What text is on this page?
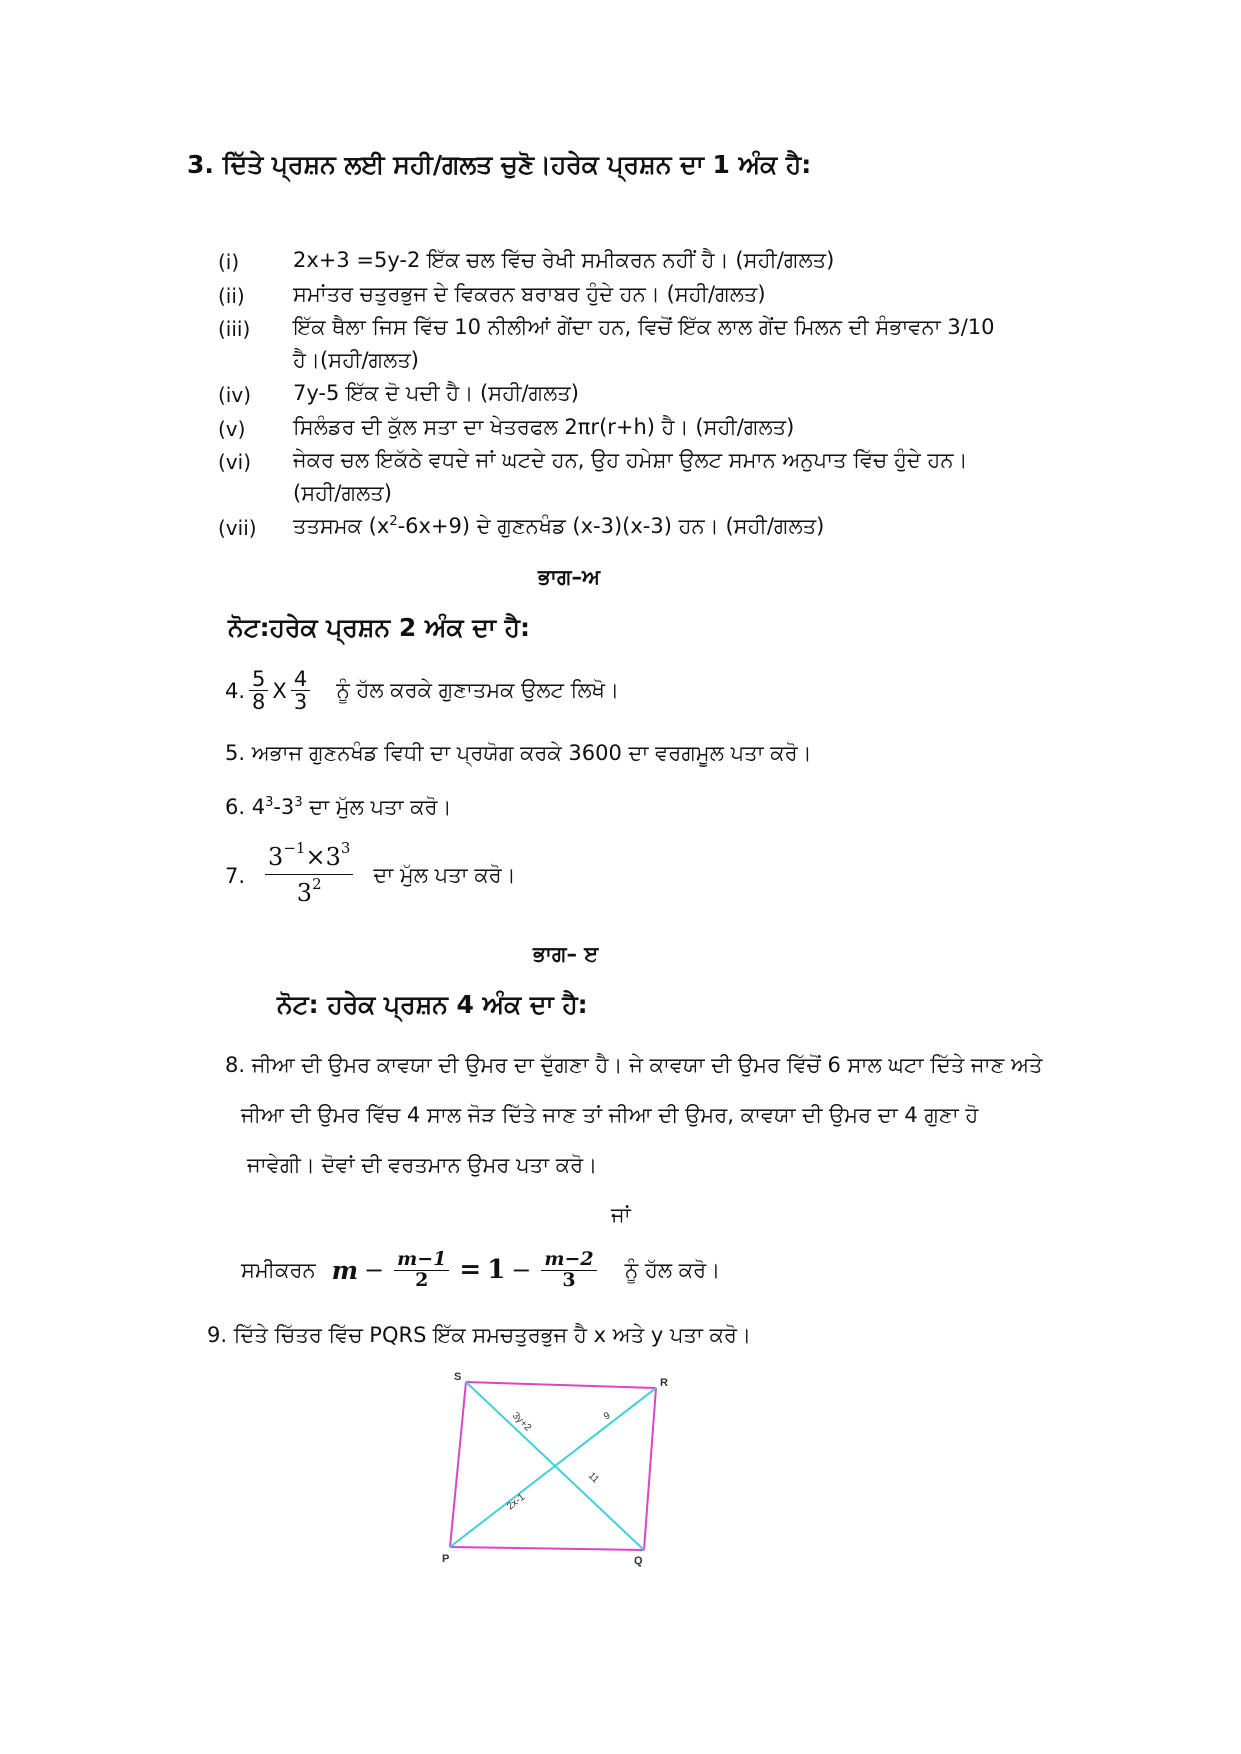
3. ਦਿੱਤੇ ਪ੍ਰਸ਼ਨ ਲਈ ਸਹੀ/ਗਲਤ ਚੁਣੋ।ਹਰੇਕ ਪ੍ਰਸ਼ਨ ਦਾ 1 ਅੰਕ ਹੈ:
(i)	2x+3 =5y-2 ਇੱਕ ਚਲ ਵਿੱਚ ਰੇਖੀ ਸਮੀਕਰਨ ਨਹੀਂ ਹੈ। (ਸਹੀ/ਗਲਤ)
(ii) ਸਮਾਂਤਰ ਚਤੁਰਭੁਜ ਦੇ ਵਿਕਰਨ ਬਰਾਬਰ ਹੁੰਦੇ ਹਨ। (ਸਹੀ/ਗਲਤ)
(iii) ਇੱਕ ਥੈਲਾ ਜਿਸ ਵਿੱਚ 10 ਨੀਲੀਆਂ ਗੇਂਦਾ ਹਨ, ਵਿਚੋਂ ਇੱਕ ਲਾਲ ਗੇਂਦ ਮਿਲਨ ਦੀ ਸੰਭਾਵਨਾ 3/10
ਹੈ।(ਸਹੀ/ਗਲਤ)
(iv) 7y-5 ਇੱਕ ਦੋ ਪਦੀ ਹੈ। (ਸਹੀ/ਗਲਤ)
(v) ਸਿਲੰਡਰ ਦੀ ਕੁੱਲ ਸਤਾ ਦਾ ਖੇਤਰਫਲ 2πr(r+h) ਹੈ। (ਸਹੀ/ਗਲਤ)
(vi) ਜੇਕਰ ਚਲ ਇਕੱਠੇ ਵਧਦੇ ਜਾਂ ਘਟਦੇ ਹਨ, ਉਹ ਹਮੇਸ਼ਾ ਉਲਟ ਸਮਾਨ ਅਨੁਪਾਤ ਵਿੱਚ ਹੁੰਦੇ ਹਨ।
(ਸਹੀ/ਗਲਤ)
(vii) ਤਤਸਮਕ $(x^2-6x+9)$ ਦੇ ਗੁਣਨਖੰਡ (x-3)(x-3) ਹਨ। (ਸਹੀ/ਗਲਤ)
ਭਾਗ–ਅ
ਨੋਟ:ਹਰੇਕ ਪ੍ਰਸ਼ਨ 2 ਅੰਕ ਦਾ ਹੈ:
4. $\frac{5}{8}$ X $\frac{4}{3}$ ਨੂੰ ਹੱਲ ਕਰਕੇ ਗੁਣਾਤਮਕ ਉਲਟ ਲਿਖੋ।
5. ਅਭਾਜ ਗੁਣਨਖੰਡ ਵਿਧੀ ਦਾ ਪ੍ਰਯੋਗ ਕਰਕੇ 3600 ਦਾ ਵਰਗਮੂਲ ਪਤਾ ਕਰੋ।
6. $4^3-3^3$ ਦਾ ਮੁੱਲ ਪਤਾ ਕਰੋ।
7. $\frac{3^{-1}\times 3^3}{3^2}$ ਦਾ ਮੁੱਲ ਪਤਾ ਕਰੋ।
ਭਾਗ– ੲ
ਨੋਟ: ਹਰੇਕ ਪ੍ਰਸ਼ਨ 4 ਅੰਕ ਦਾ ਹੈ:
8. ਜੀਆ ਦੀ ਉਮਰ ਕਾਵਯਾ ਦੀ ਉਮਰ ਦਾ ਦੁੱਗਣਾ ਹੈ। ਜੇ ਕਾਵਯਾ ਦੀ ਉਮਰ ਵਿੱਚੋਂ 6 ਸਾਲ ਘਟਾ ਦਿੱਤੇ ਜਾਣ ਅਤੇ
ਜੀਆ ਦੀ ਉਮਰ ਵਿੱਚ 4 ਸਾਲ ਜੋੜ ਦਿੱਤੇ ਜਾਣ ਤਾਂ ਜੀਆ ਦੀ ਉਮਰ, ਕਾਵਯਾ ਦੀ ਉਮਰ ਦਾ 4 ਗੁਣਾ ਹੋ
ਜਾਵੇਗੀ। ਦੋਵਾਂ ਦੀ ਵਰਤਮਾਨ ਉਮਰ ਪਤਾ ਕਰੋ।
ਜਾਂ
ਸਮੀਕਰਨ $m - \frac{m-1}{2} = 1 - \frac{m-2}{3}$ ਨੂੰ ਹੱਲ ਕਰੋ।
9. ਦਿੱਤੇ ਚਿੱਤਰ ਵਿੱਚ PQRS ਇੱਕ ਸਮਚਤੁਰਭੁਜ ਹੈ x ਅਤੇ y ਪਤਾ ਕਰੋ।
S	R
P	Q
3y+2	9
2x-1
11
